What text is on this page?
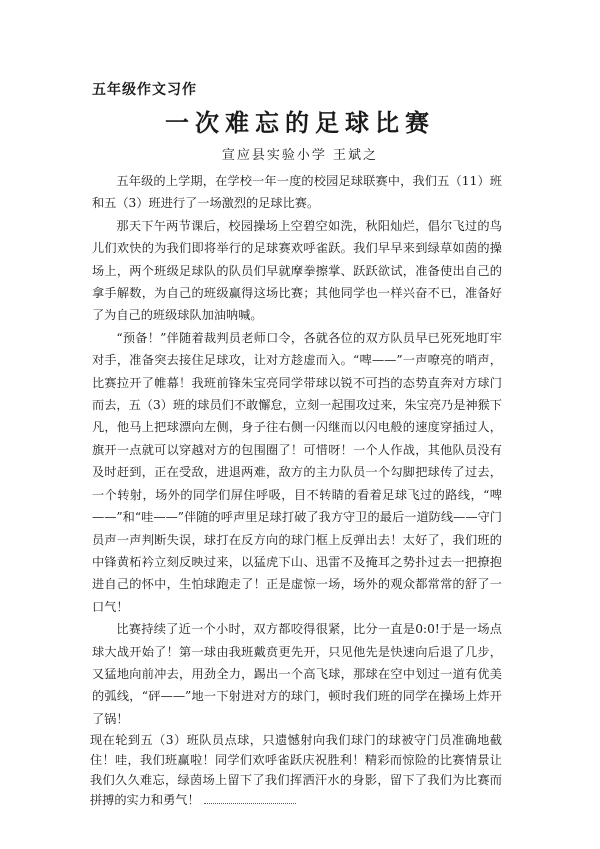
五年级作文习作
一次难忘的足球比赛
宣应县实验小学 王斌之

五年级的上学期，在学校一年一度的校园足球联赛中，我们五（11）班和五（3）班进行了一场激烈的足球比赛。

那天下午两节课后，校园操场上空碧空如洗，秋阳灿烂，倡尔飞过的鸟儿们欢快的为我们即将举行的足球赛欢呼雀跃。我们早早来到绿草如茵的操场上，两个班级足球队的队员们早就摩拳擦掌、跃跃欲试，准备使出自己的拿手解数，为自己的班级赢得这场比赛；其他同学也一样兴奋不已，准备好了为自己的班级球队加油呐喊。

“预备！”伴随着裁判员老师口令，各就各位的双方队员早已死死地盯牢对手，准备突去接住足球攻，让对方趁虚而入。“啤——”一声嘹亮的哨声，比赛拉开了帷幕！我班前锋朱宝亮同学带球以锐不可挡的态势直奔对方球门而去，五（3）班的球员们不敢懈怠，立刻一起围攻过来，朱宝亮乃是神猴下凡，他马上把球漂向左侧，身子往右侧一闪继而以闪电般的速度穿插过人，旗开一点就可以穿越对方的包围圈了！可惜呀！一个人作战，其他队员没有及时赶到，正在受敌，进退两难，敌方的主力队员一个勾脚把球传了过去，一个转射，场外的同学们屏住呼吸，目不转睛的看着足球飞过的路线，“啤——”和“哇——”伴随的呼声里足球打破了我方守卫的最后一道防线——守门员声一声判断失误，球打在反方向的球门框上反弹出去！太好了，我们班的中锋黄柘衿立刻反映过来，以猛虎下山、迅雷不及掩耳之势扑过去一把撩抱进自己的怀中，生怕球跑走了！正是虚惊一场，场外的观众都常常的舒了一口气！

比赛持续了近一个小时，双方都咬得很紧，比分一直是0:0!于是一场点球大战开始了！第一球由我班戴贲更先开，只见他先是快速向后退了几步，又猛地向前冲去，用劲全力，踢出一个高飞球，那球在空中划过一道有优美的弧线，“砰——”地一下射进对方的球门，顿时我们班的同学在操场上炸开了锅！

现在轮到五（3）班队员点球，只遗憾射向我们球门的球被守门员准确地截住！哇，我们班赢啦！同学们欢呼雀跃庆祝胜利！精彩而惊险的比赛情景让我们久久难忘，绿茵场上留下了我们挥洒汗水的身影，留下了我们为比赛而拼搏的实力和勇气！
